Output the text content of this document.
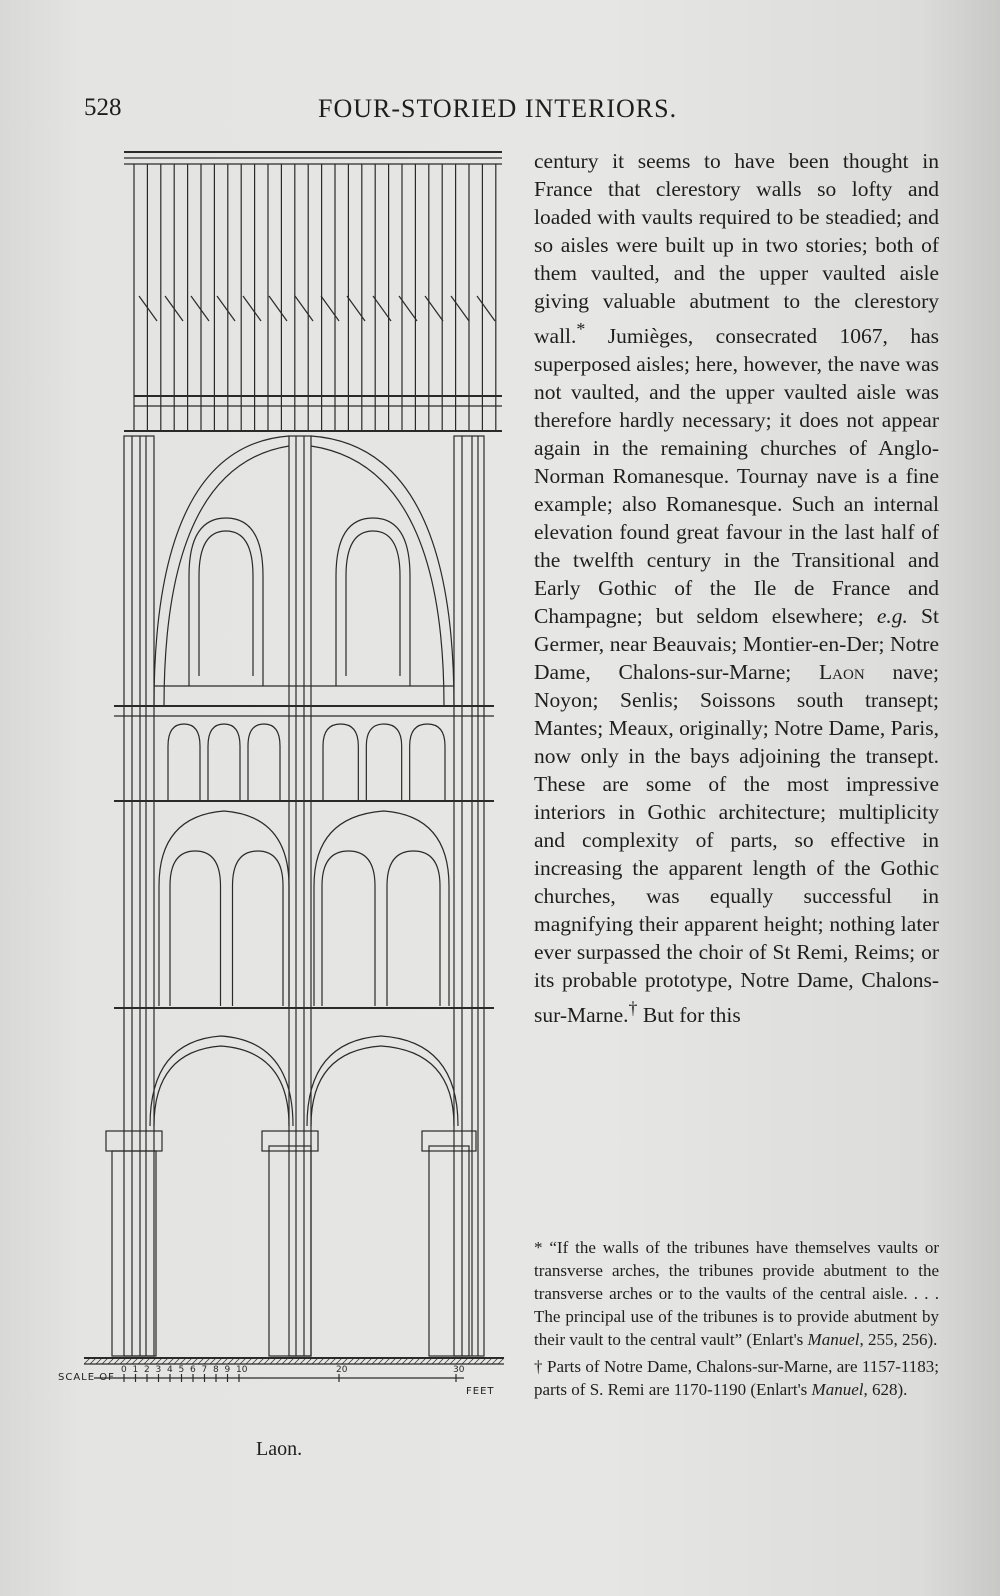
528	FOUR-STORIED INTERIORS.
0 1 2 3 4 5 6 7 8 9 10	20	30
SCALE OF
FEET
Laon.

century it seems to have been thought in France that clerestory walls so lofty and loaded with vaults required to be steadied; and so aisles were built up in two stories; both of them vaulted, and the upper vaulted aisle giving valuable abutment to the clerestory wall.* Jumièges, consecrated 1067, has superposed aisles; here, however, the nave was not vaulted, and the upper vaulted aisle was therefore hardly necessary; it does not appear again in the remaining churches of Anglo-Norman Romanesque. Tournay nave is a fine example; also Romanesque. Such an internal elevation found great favour in the last half of the twelfth century in the Transitional and Early Gothic of the Ile de France and Champagne; but seldom elsewhere; e.g. St Germer, near Beauvais; Montier-en-Der; Notre Dame, Chalons-sur-Marne; Laon nave; Noyon; Senlis; Soissons south transept; Mantes; Meaux, originally; Notre Dame, Paris, now only in the bays adjoining the transept. These are some of the most impressive interiors in Gothic architecture; multiplicity and complexity of parts, so effective in increasing the apparent length of the Gothic churches, was equally successful in magnifying their apparent height; nothing later ever surpassed the choir of St Remi, Reims; or its probable prototype, Notre Dame, Chalons-sur-Marne.† But for this

* “If the walls of the tribunes have themselves vaults or transverse arches, the tribunes provide abutment to the transverse arches or to the vaults of the central aisle. . . . The principal use of the tribunes is to provide abutment by their vault to the central vault” (Enlart's Manuel, 255, 256).

† Parts of Notre Dame, Chalons-sur-Marne, are 1157-1183; parts of S. Remi are 1170-1190 (Enlart's Manuel, 628).
